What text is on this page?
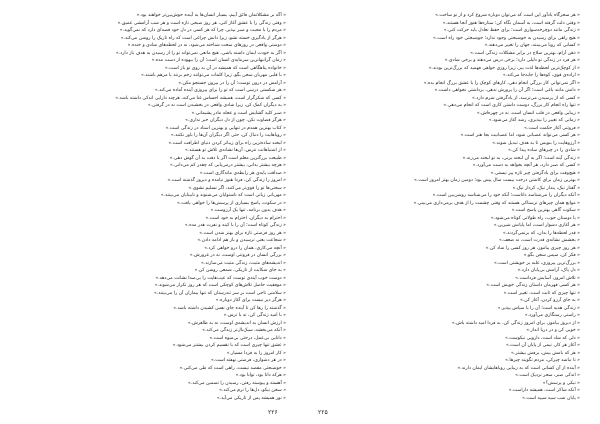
« اگه بر مشکلاتمان فائق آییم، بسیار انسان‌ها به آینده خوش‌بین‌تر خواهند بود.»
« وقتی زندگی را با عشق آغاز کنی، هر روز صبحی تازه است و هر شب آرامشی عمیق.»
« مردم را با محبت و صبر بپذیر، چرا که هر کسی در دل خود قصه‌ای دارد که نمی‌گوید.»
« هرگز از یادگیری خسته نشو، زیرا دانش چراغی است که راه تاریک را روشن می‌کند.»
« دوستی واقعی در روزهای سخت شناخته می‌شود، نه در لحظه‌های شادی و خنده.»
« اگر به خودت ایمان داشته باشی، هیچ مانعی نمی‌تواند تو را از رسیدن به هدف باز دارد.»
« زمان گرانبهاترین سرمایه‌ی انسان است؛ آن را بیهوده از دست مده.»
« خانواده پناهگاهی است که همیشه در آن به روی تو باز است.»
« با قلبی مهربان سخن بگو، زیرا کلمات می‌توانند زخم بزنند یا مرهم باشند.»
« آرامش در درون توست؛ آن را در بیرون جستجو مکن.»
« هر شکستی درسی است که تو را برای پیروزی آینده آماده می‌کند.»
« کسی که شکرگزار است، همیشه احساس غنا می‌کند، هرچند دارایی اندکی داشته باشد.»
« به دیگران کمک کن، زیرا شادی واقعی در بخشیدن است نه در گرفتن.»
« صبر کلید گشایش است و عجله مادر پشیمانی.»
« هرگز قضاوت نکن، چون از دل دیگران خبر نداری.»
« کتاب بهترین همدم در تنهایی و بهترین استاد در زندگی است.»
« رویاهایت را دنبال کن، حتی اگر دیگران آن‌ها را باور نکنند.»
« لبخند ساده‌ترین راه برای زیباتر کردن دنیای اطرافت است.»
« از اشتباهاتت نترس، آن‌ها نشانه‌ی تلاش تو هستند.»
« طبیعت بزرگترین معلم است اگر با دقت به آن گوش دهی.»
« هرچه بیشتر بدانی، بیشتر درمی‌یابی که چقدر کم می‌دانی.»
« صداقت پایه‌ی هر رابطه‌ی ماندگاری است.»
« امروز را زندگی کن، فردا هنوز نیامده و دیروز گذشته است.»
« سختی‌ها تو را قوی‌تر می‌کنند، اگر تسلیم نشوی.»
« مهربانی زبانی است که ناشنوایان می‌شنوند و نابینایان می‌بینند.»
« در سکوت، پاسخ بسیاری از پرسش‌ها را خواهی یافت.»
« هدف بدون برنامه، تنها یک آرزوست.»
« احترام به دیگران، احترام به خود است.»
« زندگی کوتاه است؛ آن را با کینه و نفرت هدر مده.»
« هر روز فرصتی تازه برای بهتر شدن است.»
« شجاعت یعنی ترسیدن و باز هم ادامه دادن.»
« آنچه می‌کاری، همان را درو خواهی کرد.»
« بزرگی انسان در فروتنی اوست، نه در غرورش.»
« اندیشه‌های مثبت، زندگی مثبت می‌سازند.»
« به جای شکایت از تاریکی، شمعی روشن کن.»
« دوست خوب آینه‌ی توست که عیب‌هایت را بی‌صدا نشانت می‌دهد.»
« موفقیت حاصل تلاش‌های کوچکی است که هر روز تکرار می‌شوند.»
« سلامتی تاجی است بر سر تندرستان که تنها بیماران آن را می‌بینند.»
« هرگز دیر نیست برای آغاز دوباره.»
« گذشته را رها کن تا آینده جای نفس کشیدن داشته باشد.»
« با امید زندگی کن، نه با ترس.»
« ارزش انسان به اندیشه‌ی اوست، نه به ظاهرش.»
« آنکه می‌بخشد، سبک‌بال‌تر زندگی می‌کند.»
« دانایی بی‌عمل، درختی بی‌میوه است.»
« عشق تنها چیزی است که با تقسیم کردن بیشتر می‌شود.»
« کار امروز را به فردا مسپار.»
« در هر دشواری، فرصتی نهفته است.»
« خوشبختی مقصد نیست، راهی است که طی می‌کنی.»
« هرکه دانا بود، توانا بود.»
« آهسته و پیوسته رفتن، رسیدن را تضمین می‌کند.»
« سخن نیکو، دل‌ها را نرم می‌کند.»
« نور همیشه پس از تاریکی می‌آید.»
« هر سحرگاه یادآور این است که می‌توان دوباره شروع کرد و از نو ساخت.»
« وقتی دلت گرفته است، به آسمان نگاه کن؛ ستاره‌ها هنوز آنجا هستند.»
« زندگی مانند دوچرخه‌سواری است؛ برای حفظ تعادل باید حرکت کنی.»
« هیچ راهی برای رسیدن به خوشبختی وجود ندارد؛ خوشبختی خود راه است.»
« کسانی که رویا می‌بینند، جهان را تغییر می‌دهند.»
« ذهن آرام، بهترین سلاح در برابر مشکلات زندگی است.»
« هر فرد در زندگی تو دلیلی دارد؛ برخی درس می‌دهند و برخی شادی.»
« از کوچک‌ترین لحظه‌ها لذت ببر، زیرا روزی خواهی فهمید که بزرگ‌ترین بودند.»
« اراده‌ی قوی، کوه‌ها را جابه‌جا می‌کند.»
« اگر نمی‌توانی کار بزرگی انجام دهی، کارهای کوچک را با عشق بزرگ انجام بده.»
« دانش مانند باغی است؛ اگر آن را پرورش ندهی، برداشتی نخواهی داشت.»
« کسی که از پرسیدن می‌ترسد، از یادگرفتن شرم دارد.»
« تنها راه انجام کار بزرگ، دوست داشتن کاری است که انجام می‌دهی.»
« زیبایی واقعی در قلب انسان است، نه در چهره‌اش.»
« زمانی که تغییر را بپذیری، رشد آغاز می‌شود.»
« فروتنی آغاز حکمت است.»
« هر کسی می‌تواند عصبانی شود، اما عصبانیت بجا هنر است.»
« آرزوهایت را بنویس تا به هدف تبدیل شوند.»
« شادی را در چیزهای ساده پیدا کن.»
« زندگی آینه است؛ اگر به آن لبخند بزنی، به تو لبخند می‌زند.»
« کسی که صبر دارد، هر آنچه بخواهد به دست می‌آورد.»
« هیچ‌وقت برای یادگرفتن چیز تازه پیر نیستی.»
« بهترین زمان برای کاشتن درخت بیست سال پیش بود؛ دومین زمان بهتر امروز است.»
« گفتار نیک، پندار نیک، کردار نیک.»
« آنکه دیگران را می‌شناسد داناست؛ آنکه خود را می‌شناسد روشن‌بین است.»
« موانع همان چیزهای ترسناکی هستند که وقتی چشمت را از هدف برمی‌داری می‌بینی.»
« سکوت گاهی بهترین پاسخ است.»
« با دوستان خوب، راه طولانی کوتاه می‌شود.»
« هر آغازی دشوار است، اما پایانش شیرین.»
« قدر لحظه‌ها را بدان، که برنمی‌گردند.»
« بخشش نشانه‌ی قدرت است، نه ضعف.»
« هر روز چیزی بیاموز، هر روز کسی را شاد کن.»
« فکر کن، سپس سخن بگو.»
« بزرگ‌ترین پیروزی، غلبه بر خویشتن است.»
« دل پاک، آرامش بی‌پایان دارد.»
« تلاش امروز، آسایش فرداست.»
« هر کسی قهرمان داستان زندگی خویش است.»
« تنها چیزی که ثابت است، تغییر است.»
« به جای آرزو کردن، آغاز کن.»
« زندگی هدیه است؛ آن را با سپاس بپذیر.»
« راستی رستگاری می‌آورد.»
« از دیروز بیاموز، برای امروز زندگی کن، به فردا امید داشته باش.»
« خوبی کن و در دریا انداز.»
« دلی که شاد است، دارویی نیکوست.»
« آغاز هر کار، نیمی از پایان آن است.»
« هر که بامش بیش، برفش بیشتر.»
« تا نباشد چیزکی، مردم نگویند چیزها.»
« آینده از آن کسانی است که به زیبایی رویاهایشان ایمان دارند.»
« اندکی صبر، سحر نزدیک است.»
« نیکی و پرسش؟»
« آنکه شاکر است، همیشه داراست.»
« پایان شب سیه سپید است.»
۲۲۶	۲۲۵
